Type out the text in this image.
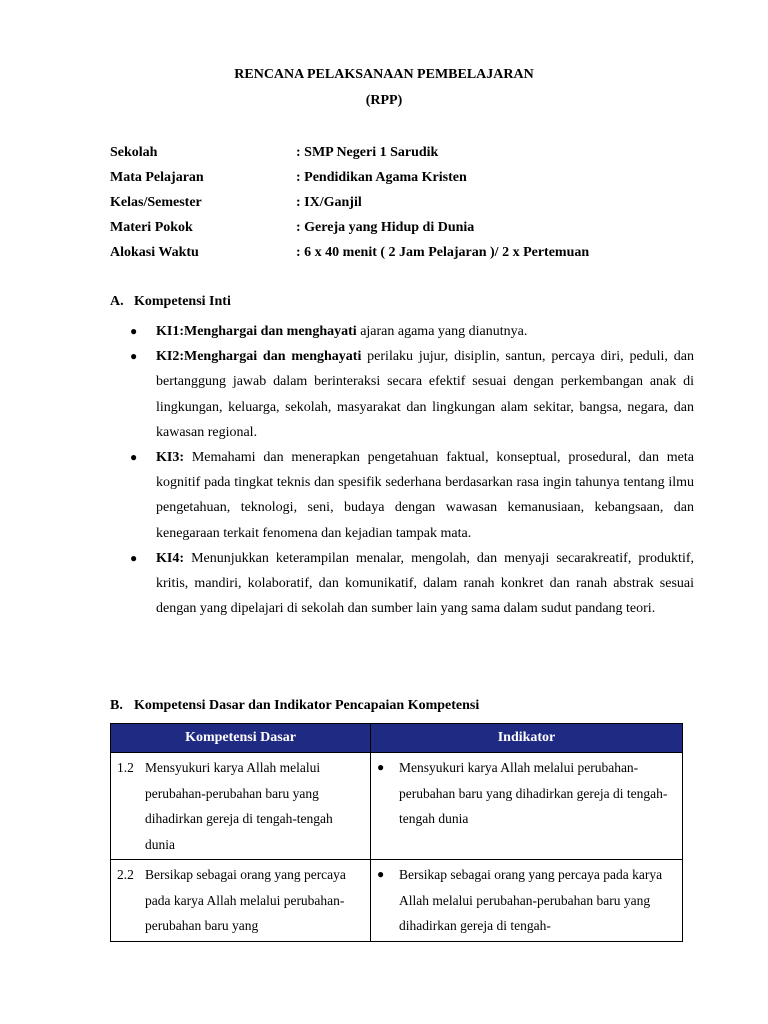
RENCANA PELAKSANAAN PEMBELAJARAN

(RPP)

Sekolah	: SMP Negeri 1 Sarudik
Mata Pelajaran	: Pendidikan Agama Kristen
Kelas/Semester	: IX/Ganjil
Materi Pokok	: Gereja yang Hidup di Dunia
Alokasi Waktu	: 6 x 40 menit ( 2 Jam Pelajaran )/ 2 x Pertemuan

A. Kompetensi Inti

● KI1:Menghargai dan menghayati ajaran agama yang dianutnya.
● KI2:Menghargai dan menghayati perilaku jujur, disiplin, santun, percaya diri, peduli, dan bertanggung jawab dalam berinteraksi secara efektif sesuai dengan perkembangan anak di lingkungan, keluarga, sekolah, masyarakat dan lingkungan alam sekitar, bangsa, negara, dan kawasan regional.
● KI3: Memahami dan menerapkan pengetahuan faktual, konseptual, prosedural, dan meta kognitif pada tingkat teknis dan spesifik sederhana berdasarkan rasa ingin tahunya tentang ilmu pengetahuan, teknologi, seni, budaya dengan wawasan kemanusiaan, kebangsaan, dan kenegaraan terkait fenomena dan kejadian tampak mata.
● KI4: Menunjukkan keterampilan menalar, mengolah, dan menyaji secarakreatif, produktif, kritis, mandiri, kolaboratif, dan komunikatif, dalam ranah konkret dan ranah abstrak sesuai dengan yang dipelajari di sekolah dan sumber lain yang sama dalam sudut pandang teori.

B. Kompetensi Dasar dan Indikator Pencapaian Kompetensi

Kompetensi Dasar	Indikator

1.2 Mensyukuri karya Allah melalui perubahan-perubahan baru yang dihadirkan gereja di tengah-tengah dunia	● Mensyukuri karya Allah melalui perubahan-perubahan baru yang dihadirkan gereja di tengah-tengah dunia

2.2 Bersikap sebagai orang yang percaya pada karya Allah melalui perubahan-perubahan baru yang	● Bersikap sebagai orang yang percaya pada karya Allah melalui perubahan-perubahan baru yang dihadirkan gereja di tengah-
